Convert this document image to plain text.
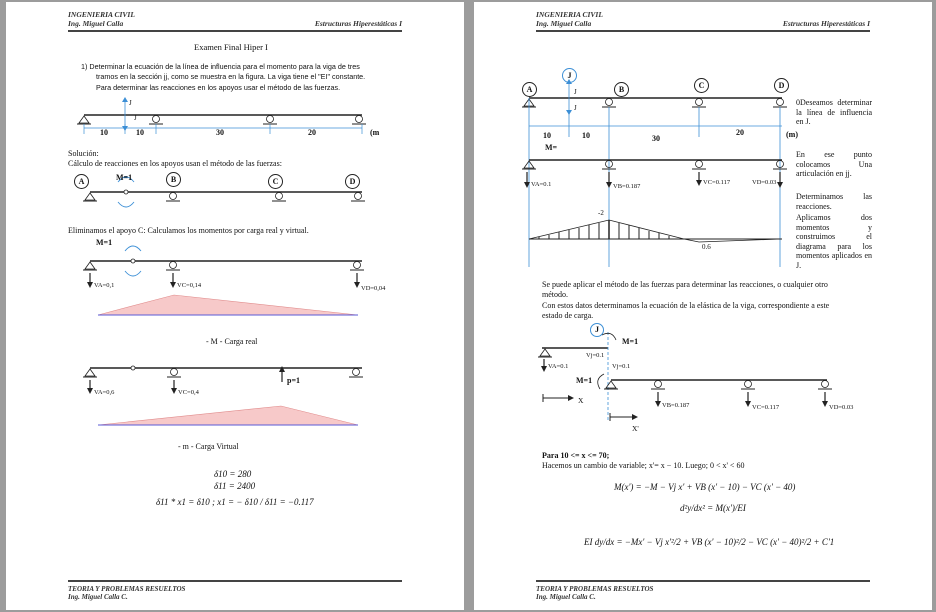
INGENIERIA CIVIL
Ing. Miguel Calla	Estructuras Hiperestáticas I
Examen Final Hiper I
1) Determinar la ecuación de la línea de influencia para el momento para la viga de tres
tramos en la sección jj, como se muestra en la figura. La viga tiene el "EI" constante.
Para determinar las reacciones en los apoyos usar el método de las fuerzas.
J
J
10	10	30	20	(m
Solución:
Cálculo de reacciones en los apoyos usan el método de las fuerzas:
A	B	C	D
M=1
Eliminamos el apoyo C: Calculamos los momentos por carga real y virtual.
M=1
VA=0,1	VC=0,14	VD=0,04
- M - Carga real
VA=0,6	VC=0,4
p=1
- m - Carga Virtual
δ10 = 280
δ11 = 2400
δ11 * x1 = δ10 ; x1 = − δ10 / δ11 = −0.117
TEORIA Y PROBLEMAS RESUELTOS
Ing. Miguel Calla C.
INGENIERIA CIVIL
Ing. Miguel Calla	Estructuras Hiperestáticas I
A
J
J
J
B	C	D
10	10	30
20	(m)
M=
0Deseamos determinar la línea de influencia en J.
En ese punto colocamos Una articulación en jj.
Determinamos las reacciones.
Aplicamos dos momentos y construimos el diagrama para los momentos aplicados en J.
VA=0.1	VB=0.187
VC=0.117	VD=0.03
-2
0.6
Se puede aplicar el método de las fuerzas para determinar las reacciones, o cualquier otro
método.
Con estos datos determinamos la ecuación de la elástica de la viga, correspondiente a este
estado de carga.
J
M=1
M=1
Vj=0.1
Vj=0.1
VA=0.1
VB=0.187	VC=0.117	VD=0.03
X
X'
Para 10 <= x <= 70;
Hacemos un cambio de variable; x'= x − 10. Luego; 0 < x' < 60
M(x') = −M − Vj x' + VB (x' − 10) − VC (x' − 40)
d²y/dx² = M(x')/EI
EI dy/dx = −Mx' − Vj x'²/2 + VB (x' − 10)²/2 − VC (x' − 40)²/2 + C'1
TEORIA Y PROBLEMAS RESUELTOS
Ing. Miguel Calla C.
